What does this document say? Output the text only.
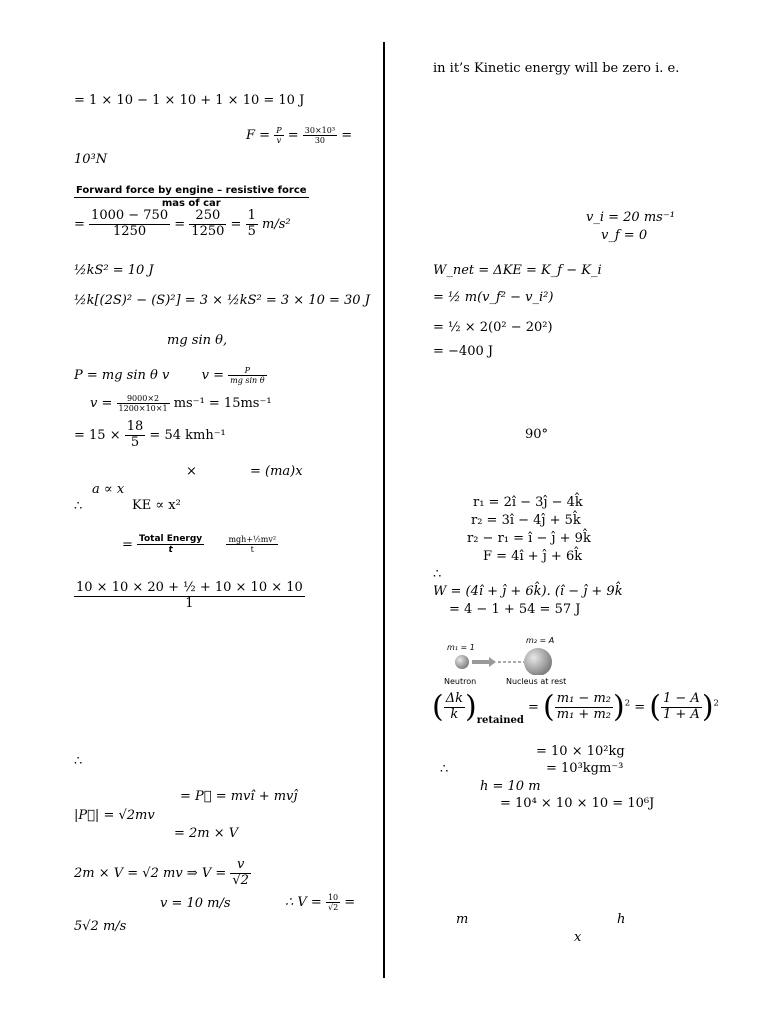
= 1 × 10 − 1 × 10 + 1 × 10 = 10 J
$F = \frac{P}{v} = \frac{\text{30×10³}}{30}$ =
10³N
$\frac{\text{Forward force by engine – resistive force}}{\text{mas of car}}$
= $\frac{1000 - 750}{1250} = \frac{250}{1250} = \frac{1}{5} m/s^2$
½kS² = 10 J
½k[(2S)² − (S)²] = 3 × ½kS² = 3 × 10 = 30 J
mg sin θ,
P = mg sin θ v $v = \frac{P}{\text{mg sin θ}}$
$v = \frac{9000\times 2}{1200\times 10\times 1} ms^{-1} = 15ms^{-1}$
= $15 \times \frac{18}{5} = 54$ kmh⁻¹
×	= (ma)x
a ∝ x
∴	KE ∝ x²
= $\frac{\text{Total Energy}}{t}$
	$\frac{\text{mgh+½mv²}}{t}$
$\frac{\text{10 × 10 × 20 + ½ + 10 × 10 × 10}}{1}$
∴
= P⃗ = mvî + mvĵ
|P⃗| = √2mv
= 2m × V
2m × V = √2 mv ⇒ $V = \frac{v}{√2}$
v = 10 m/s	∴ $V = \frac{10}{√2}$ =
5√2 m/s
in it’s Kinetic energy will be zero i. e.
v_i = 20 ms⁻¹
v_f = 0
W_net = ΔKE = K_f − K_i
= ½ m(v_f² − v_i²)
= ½ × 2(0² − 20²)
= −400 J
90°
r₁ = 2î − 3ĵ − 4k̂
r₂ = 3î − 4ĵ + 5k̂
r₂ − r₁ = î − ĵ + 9k̂
F = 4î + ĵ + 6k̂
∴
W = (4î + ĵ + 6k̂). (î − ĵ + 9k̂
= 4 − 1 + 54 = 57 J
m₁ = 1
m₂ = A
Neutron	Nucleus at rest
( $\frac{\Delta k}{k} )_{retained}$ = ( $\frac{\text{m₁ − m₂}}{\text{m₁ + m₂}} )^2$ = ( $\frac{1 - A}{1 + A} )^2$
= 10 × 10²kg
∴	= 10³kgm⁻³
h = 10 m
= 10⁴ × 10 × 10 = 10⁶J
m	h
x
